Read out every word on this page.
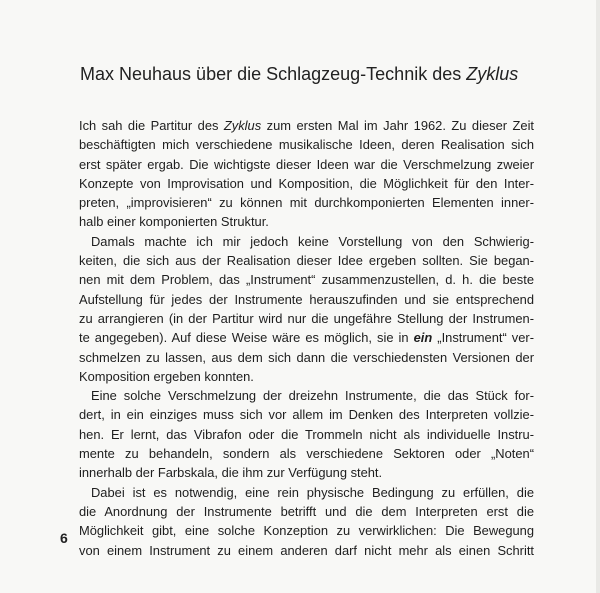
Max Neuhaus über die Schlagzeug-Technik des Zyklus
Ich sah die Partitur des Zyklus zum ersten Mal im Jahr 1962. Zu dieser Zeit
beschäftigten mich verschiedene musikalische Ideen, deren Realisation sich
erst später ergab. Die wichtigste dieser Ideen war die Verschmelzung zweier
Konzepte von Improvisation und Komposition, die Möglichkeit für den Inter-
preten, „improvisieren“ zu können mit durchkomponierten Elementen inner-
halb einer komponierten Struktur.
Damals machte ich mir jedoch keine Vorstellung von den Schwierig-
keiten, die sich aus der Realisation dieser Idee ergeben sollten. Sie began-
nen mit dem Problem, das „Instrument“ zusammenzustellen, d. h. die beste
Aufstellung für jedes der Instrumente herauszufinden und sie entsprechend
zu arrangieren (in der Partitur wird nur die ungefähre Stellung der Instrumen-
te angegeben). Auf diese Weise wäre es möglich, sie in ein „Instrument“ ver-
schmelzen zu lassen, aus dem sich dann die verschiedensten Versionen der
Komposition ergeben konnten.
Eine solche Verschmelzung der dreizehn Instrumente, die das Stück for-
dert, in ein einziges muss sich vor allem im Denken des Interpreten vollzie-
hen. Er lernt, das Vibrafon oder die Trommeln nicht als individuelle Instru-
mente zu behandeln, sondern als verschiedene Sektoren oder „Noten“
innerhalb der Farbskala, die ihm zur Verfügung steht.
Dabei ist es notwendig, eine rein physische Bedingung zu erfüllen, die
die Anordnung der Instrumente betrifft und die dem Interpreten erst die
Möglichkeit gibt, eine solche Konzeption zu verwirklichen: Die Bewegung
von einem Instrument zu einem anderen darf nicht mehr als einen Schritt
6
